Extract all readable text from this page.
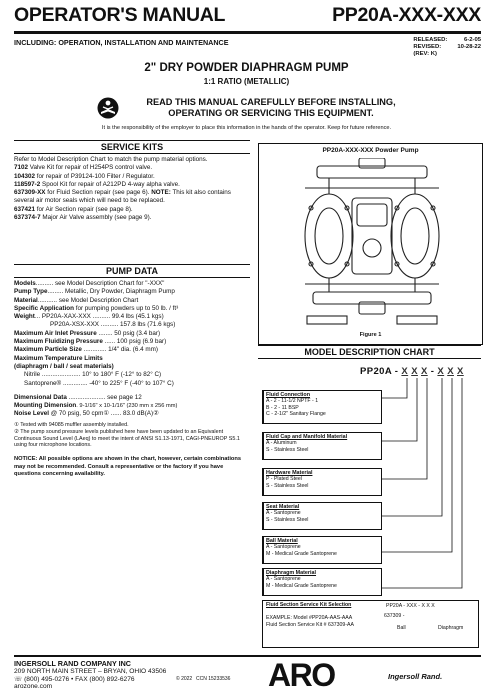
OPERATOR'S MANUAL	PP20A-XXX-XXX
INCLUDING: OPERATION, INSTALLATION AND MAINTENANCE	RELEASED:	6-2-05
REVISED:	10-28-22
(REV: K)	
2" DRY POWDER DIAPHRAGM PUMP
1:1 RATIO (METALLIC)
READ THIS MANUAL CAREFULLY BEFORE INSTALLING,
OPERATING OR SERVICING THIS EQUIPMENT.
It is the responsibility of the employer to place this information in the hands of the operator. Keep for future reference.
SERVICE KITS

Refer to Model Description Chart to match the pump material options.

7102 Valve Kit for repair of H254PS control valve.

104302 for repair of P39124-100 Filter / Regulator.

118597-2 Spool Kit for repair of A212PD 4-way alpha valve.

637309-XX for Fluid Section repair (see page 6). NOTE: This kit also contains several air motor seals which will need to be replaced.

637421 for Air Section repair (see page 8).

637374-7 Major Air Valve assembly (see page 9).

PUMP DATA
Models.......... see Model Description Chart for "-XXX"
Pump Type......... Metallic, Dry Powder, Diaphragm Pump
Material........... see Model Description Chart
Specific Application for pumping powders up to 50 lb. / ft³
Weight... PP20A-XAX-XXX .......... 99.4 lbs (45.1 kgs)
PP20A-XSX-XXX .......... 157.8 lbs (71.6 kgs)
Maximum Air Inlet Pressure ........ 50 psig (3.4 bar)
Maximum Fluidizing Pressure ...... 100 psig (6.9 bar)
Maximum Particle Size ............. 1/4" dia. (6.4 mm)
Maximum Temperature Limits
(diaphragm / ball / seat materials)
Nitrile ...................... 10° to 180° F (-12° to 82° C)
Santoprene® .............. -40° to 225° F (-40° to 107° C)
Dimensional Data ..................... see page 12
Mounting Dimension. 9-1/16" x 10-1/16" (230 mm x 256 mm)
Noise Level @ 70 psig, 50 cpm① ...... 83.0 dB(A)②
① Tested with 94085 muffler assembly installed.
② The pump sound pressure levels published here have been updated to an Equivalent Continuous Sound Level (LAeq) to meet the intent of ANSI S1.13-1971, CAGI-PNEUROP S5.1 using four microphone locations.
NOTICE: All possible options are shown in the chart, however, certain combinations may not be recommended. Consult a representative or the factory if you have questions concerning availability.
PP20A-XXX-XXX Powder Pump
Figure 1
MODEL DESCRIPTION CHART
PP20A - X X X - X X X
Fluid Connection
A - 2 - 11-1/2 NPTF - 1
B - 2 - 11 BSP
C - 2-1/2" Sanitary Flange
Fluid Cap and Manifold Material
A - Aluminum
S - Stainless Steel
Hardware Material
P - Plated Steel
S - Stainless Steel
Seat Material
A - Santoprene
S - Stainless Steel
Ball Material
A - Santoprene
M - Medical Grade Santoprene
Diaphragm Material
A - Santoprene
M - Medical Grade Santoprene
Fluid Section Service Kit Selection
EXAMPLE: Model #PP20A-AAS-AAA
Fluid Section Service Kit # 637309-AA
PP20A - XXX - X X X
637309 -
Ball	Diaphragm
INGERSOLL RAND COMPANY INC
209 NORTH MAIN STREET – BRYAN, OHIO 43506
☏ (800) 495-0276 • FAX (800) 892-6276
arozone.com
© 2022 CCN 15233536 ARO	Ingersoll Rand.
